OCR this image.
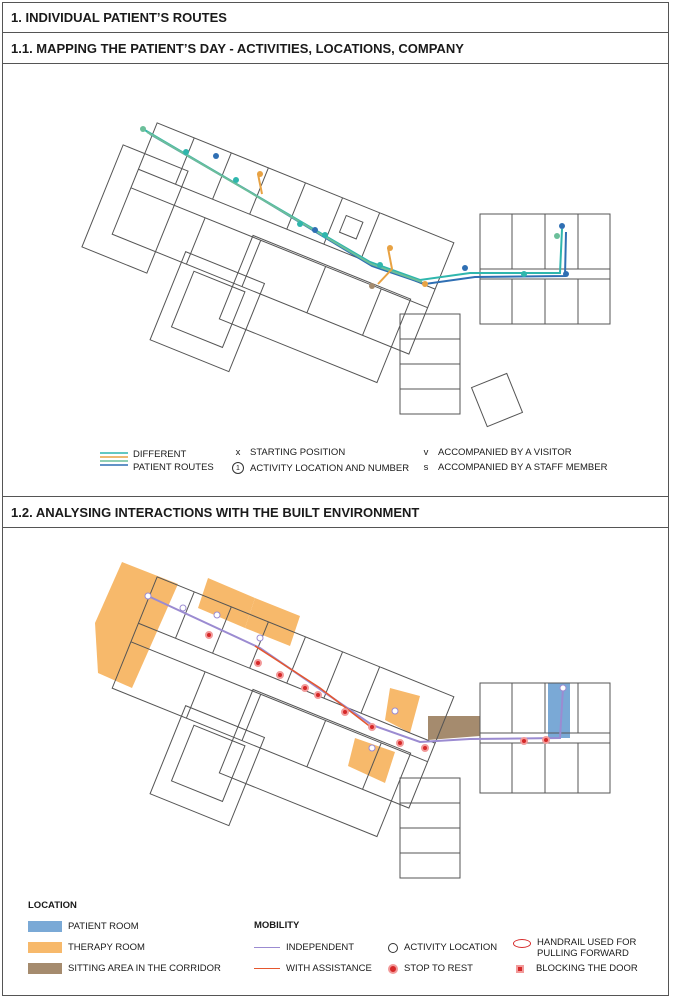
1. INDIVIDUAL PATIENT’S ROUTES
1.1. MAPPING THE PATIENT’S DAY - ACTIVITIES, LOCATIONS, COMPANY
DIFFERENT
PATIENT ROUTES
x	STARTING POSITION
1	ACTIVITY LOCATION AND NUMBER
v	ACCOMPANIED BY A VISITOR
s	ACCOMPANIED BY A STAFF MEMBER
1.2. ANALYSING INTERACTIONS WITH THE BUILT ENVIRONMENT
LOCATION
PATIENT ROOM
THERAPY ROOM
SITTING AREA IN THE CORRIDOR
MOBILITY
INDEPENDENT
WITH ASSISTANCE
ACTIVITY LOCATION
STOP TO REST
HANDRAIL USED FOR
PULLING FORWARD
BLOCKING THE DOOR
